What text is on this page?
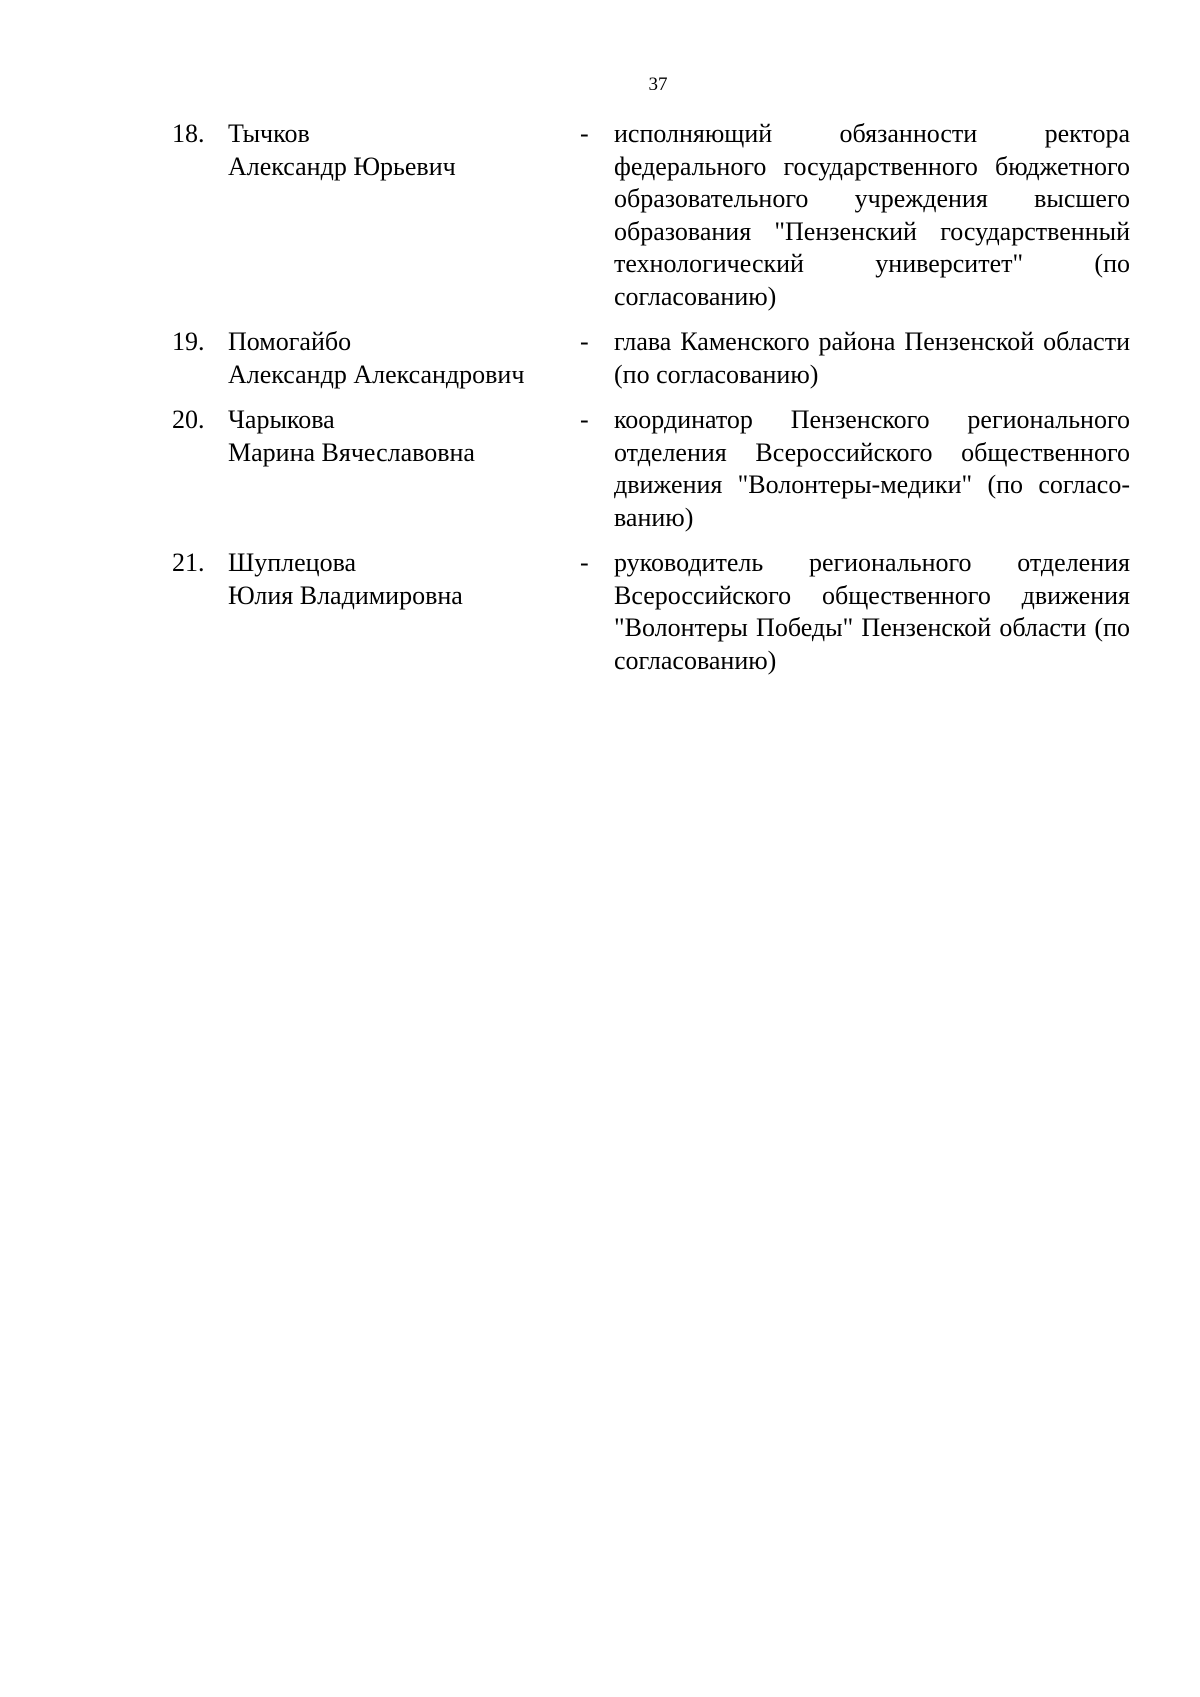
37
18. Тычков
Александр Юрьевич
- исполняющий обязанности ректора федерального государственного бюджетного образовательного учреждения высшего образования "Пензенский государственный технологический университет" (по согласованию)
19. Помогайбо
Александр Александрович
- глава Каменского района Пензенской области (по согласованию)
20. Чарыкова
Марина Вячеславовна
- координатор Пензенского регионального отделения Всероссийского общественного движения "Волонтеры-медики" (по согласованию)
21. Шуплецова
Юлия Владимировна
- руководитель регионального отделения Всероссийского общественного движения "Волонтеры Победы" Пензенской области (по согласованию)
